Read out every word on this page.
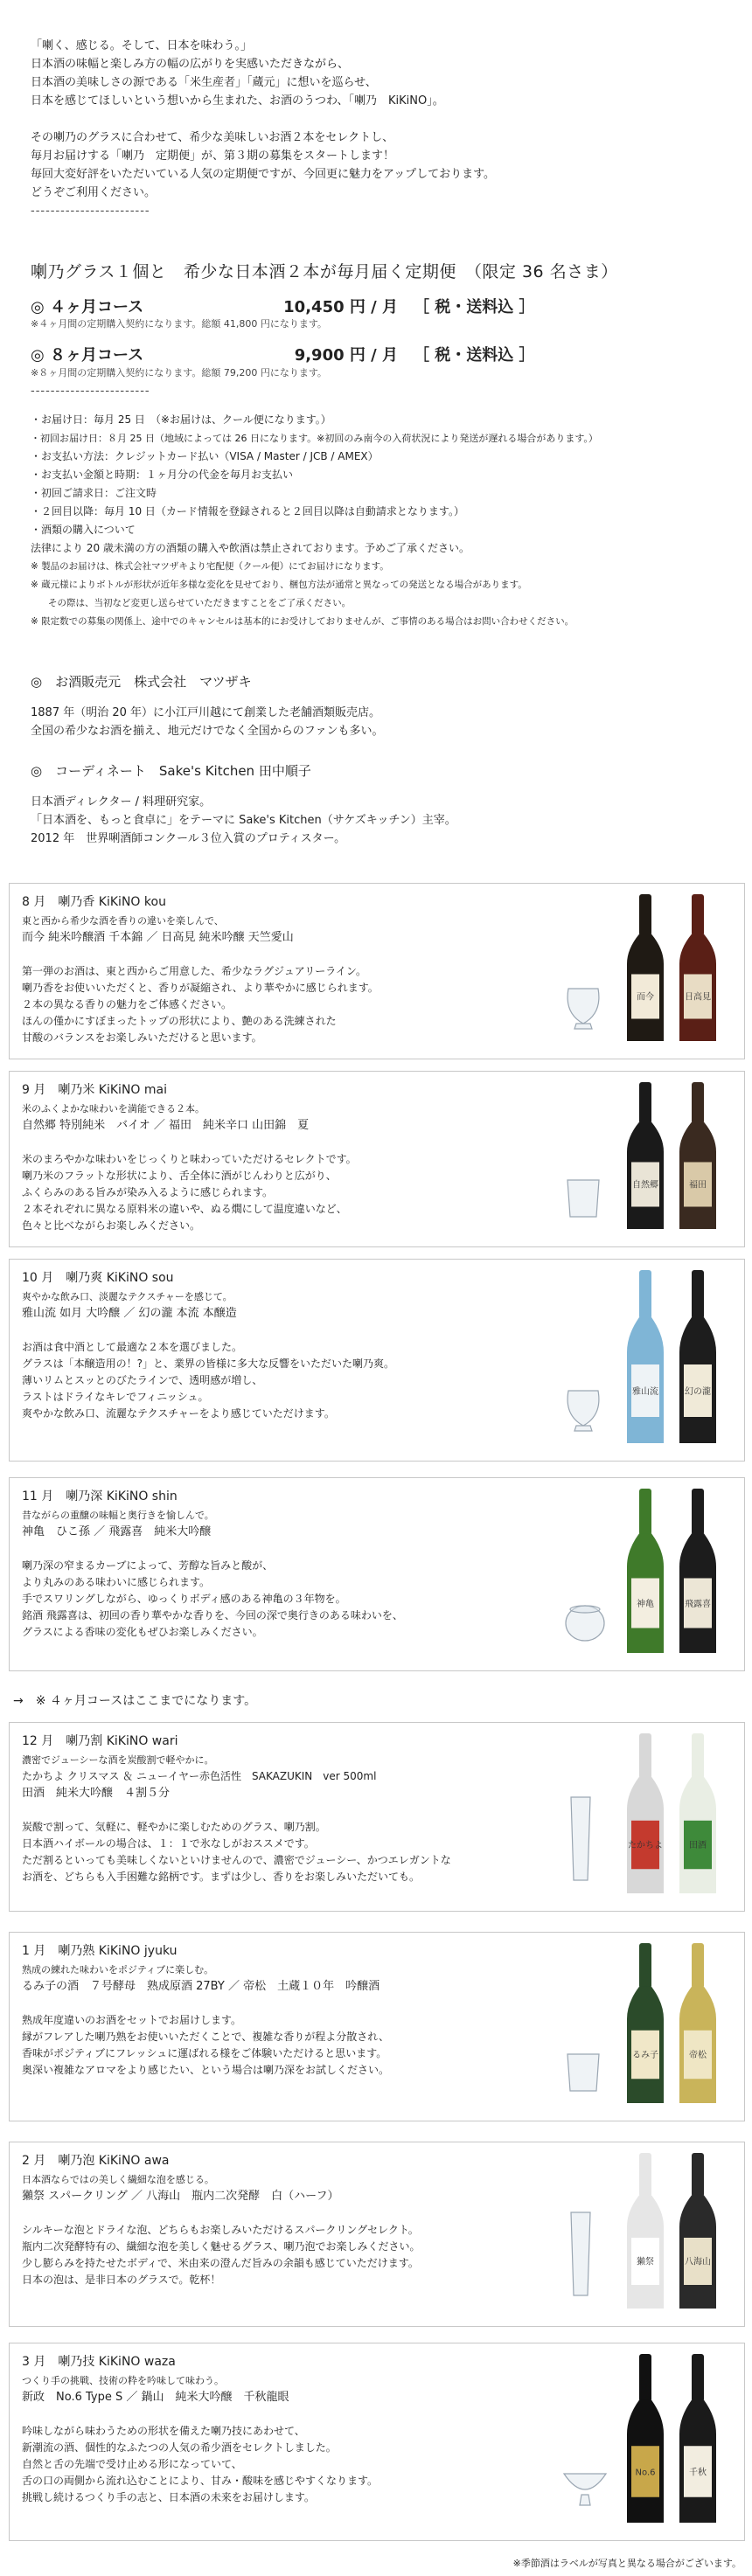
「喇く、感じる。そして、日本を味わう。」

日本酒の味幅と楽しみ方の幅の広がりを実感いただきながら、

日本酒の美味しさの源である「米生産者」「蔵元」に想いを巡らせ、

日本を感じてほしいという想いから生まれた、お酒のうつわ、「喇乃　KiKiNO」。

その喇乃のグラスに合わせて、希少な美味しいお酒２本をセレクトし、

毎月お届けする「喇乃　定期便」が、第３期の募集をスタートします！

毎回大変好評をいただいている人気の定期便ですが、今回更に魅力をアップしております。

どうぞご利用ください。

------------------------

喇乃グラス１個と　希少な日本酒２本が毎月届く定期便　（限定 36 名さま）
◎ ４ヶ月コース	10,450 円 / 月 ［ 税・送料込 ］
※４ヶ月間の定期購入契約になります。総額 41,800 円になります。
◎ ８ヶ月コース	9,900 円 / 月 ［ 税・送料込 ］
※８ヶ月間の定期購入契約になります。総額 79,200 円になります。
------------------------

・お届け日：毎月 25 日　（※お届けは、クール便になります。）

・初回お届け日：８月 25 日（地域によっては 26 日になります。※初回のみ南今の入荷状況により発送が遅れる場合があります。）

・お支払い方法：クレジットカード払い（VISA / Master / JCB / AMEX）

・お支払い金額と時期：１ヶ月分の代金を毎月お支払い

・初回ご請求日：ご注文時

・２回目以降：毎月 10 日（カード情報を登録されると２回目以降は自動請求となります。）

・酒類の購入について

法律により 20 歳未満の方の酒類の購入や飲酒は禁止されております。予めご了承ください。

※ 製品のお届けは、株式会社マツザキより宅配便（クール便）にてお届けになります。

※ 蔵元様によりボトルが形状が近年多様な変化を見せており、梱包方法が通常と異なっての発送となる場合があります。

その際は、当初など変更し送らせていただきますことをご了承ください。

※ 限定数での募集の関係上、途中でのキャンセルは基本的にお受けしておりませんが、ご事情のある場合はお問い合わせください。

◎　お酒販売元　株式会社　マツザキ

1887 年（明治 20 年）に小江戸川越にて創業した老舗酒類販売店。

全国の希少なお酒を揃え、地元だけでなく全国からのファンも多い。

◎　コーディネート　Sake's Kitchen 田中順子

日本酒ディレクター / 料理研究家。

「日本酒を、もっと食卓に」をテーマに Sake's Kitchen（サケズキッチン）主宰。

2012 年　世界唎酒師コンクール３位入賞のプロティスター。

8 月　喇乃香 KiKiNO kou

東と西から希少な酒を香りの違いを楽しんで、

而今 純米吟醸酒 千本錦 ／ 日高見 純米吟醸 天竺愛山

第一弾のお酒は、東と西からご用意した、希少なラグジュアリーライン。

喇乃香をお使いいただくと、香りが凝縮され、より華やかに感じられます。

２本の異なる香りの魅力をご体感ください。

ほんの僅かにすぼまったトップの形状により、艶のある洗練された

甘酸のバランスをお楽しみいただけると思います。

而今	日高見

9 月　喇乃米 KiKiNO mai

米のふくよかな味わいを満能できる２本。

自然郷 特別純米　バイオ ／ 福田　純米辛口 山田錦　夏

米のまろやかな味わいをじっくりと味わっていただけるセレクトです。

喇乃米のフラットな形状により、舌全体に酒がじんわりと広がり、

ふくらみのある旨みが染み入るように感じられます。

２本それぞれに異なる原料米の違いや、ぬる燗にして温度違いなど、

色々と比べながらお楽しみください。

自然郷	福田

10 月　喇乃爽 KiKiNO sou

爽やかな飲み口、淡麗なテクスチャーを感じて。

雅山流 如月 大吟醸 ／ 幻の瀧 本流 本醸造

お酒は食中酒として最適な２本を選びました。

グラスは「本醸造用の！?」と、業界の皆様に多大な反響をいただいた喇乃爽。

薄いリムとスッとのびたラインで、透明感が増し、

ラストはドライなキレでフィニッシュ。

爽やかな飲み口、流麗なテクスチャーをより感じていただけます。

雅山流	幻の瀧

11 月　喇乃深 KiKiNO shin

昔ながらの重醸の味幅と奥行きを愉しんで。

神亀　ひこ孫 ／ 飛露喜　純米大吟醸

喇乃深の窄まるカーブによって、芳醇な旨みと酸が、

より丸みのある味わいに感じられます。

手でスワリングしながら、ゆっくりボディ感のある神亀の３年物を。

銘酒 飛露喜は、初回の香り華やかな香りを、今回の深で奥行きのある味わいを、

グラスによる香味の変化もぜひお楽しみください。

神亀	飛露喜

12 月　喇乃割 KiKiNO wari

濃密でジューシーな酒を炭酸割で軽やかに。

たかちよ クリスマス ＆ ニューイヤー赤色活性　SAKAZUKIN　ver 500ml

田酒　純米大吟醸　４割５分

炭酸で割って、気軽に、軽やかに楽しむためのグラス、喇乃割。

日本酒ハイボールの場合は、１：１で氷なしがおススメです。

ただ割るといっても美味しくないといけませんので、濃密でジューシー、かつエレガントな

お酒を、どちらも入手困難な銘柄です。まずは少し、香りをお楽しみいただいても。

たかちよ	田酒

1 月　喇乃熟 KiKiNO jyuku

熟成の練れた味わいをポジティブに楽しむ。

るみ子の酒　７号酵母　熟成原酒 27BY ／ 帝松　土蔵１０年　吟醸酒

熟成年度違いのお酒をセットでお届けします。

縁がフレアした喇乃熟をお使いいただくことで、複雑な香りが程よ分散され、

香味がポジティブにフレッシュに運ばれる様をご体験いただけると思います。

奥深い複雑なアロマをより感じたい、という場合は喇乃深をお試しください。

るみ子	帝松

2 月　喇乃泡 KiKiNO awa

日本酒ならではの美しく繊細な泡を感じる。

獺祭 スパークリング ／ 八海山　瓶内二次発酵　白（ハーフ）

シルキーな泡とドライな泡、どちらもお楽しみいただけるスパークリングセレクト。

瓶内二次発酵特有の、繊細な泡を美しく魅せるグラス、喇乃泡でお楽しみください。

少し膨らみを持たせたボディで、米由来の澄んだ旨みの余韻も感じていただけます。

日本の泡は、是非日本のグラスで。乾杯！

獺祭	八海山

3 月　喇乃技 KiKiNO waza

つくり手の挑戦、技術の粋を吟味して味わう。

新政　No.6 Type S ／ 鍋山　純米大吟醸　千秋龍眼

吟味しながら味わうための形状を備えた喇乃技にあわせて、

新潮流の酒、個性的なふたつの人気の希少酒をセレクトしました。

自然と舌の先端で受け止める形になっていて、

舌の口の両側から流れ込むことにより、甘み・酸味を感じやすくなります。

挑戦し続けるつくり手の志と、日本酒の未来をお届けします。

No.6	千秋
→　※ ４ヶ月コースはここまでになります。
※季節酒はラベルが写真と異なる場合がございます。
